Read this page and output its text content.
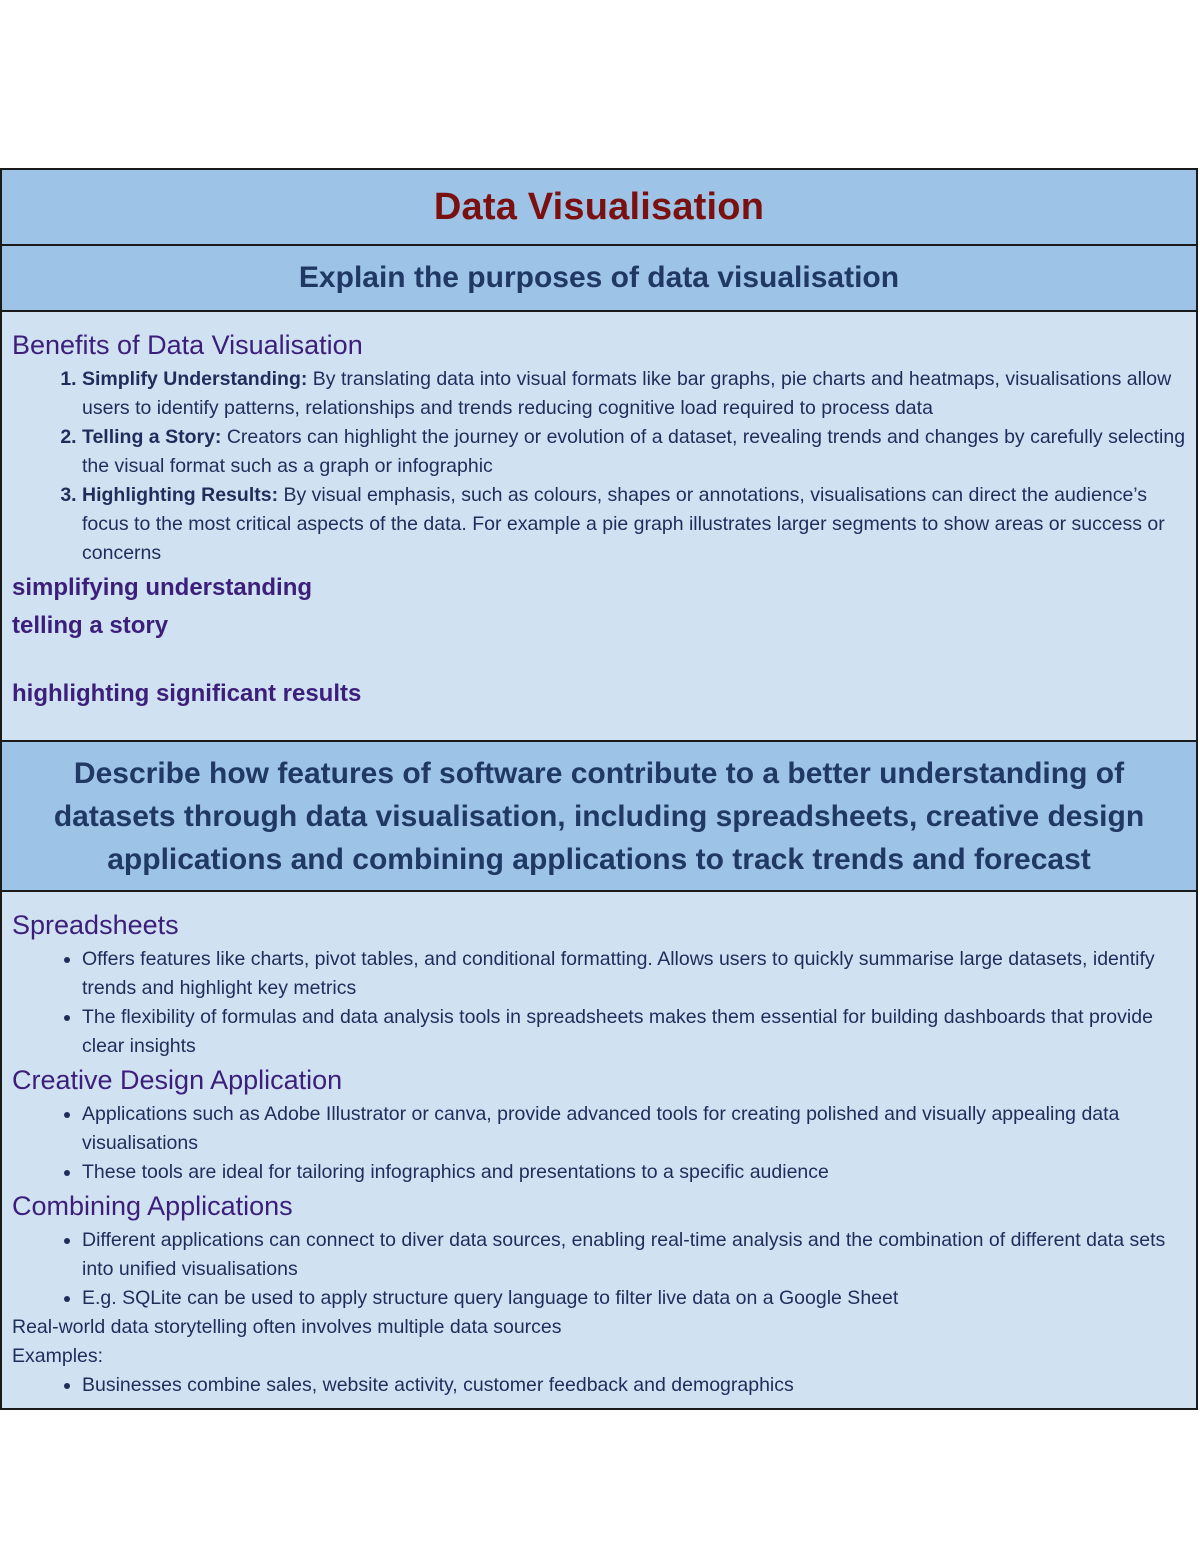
Data Visualisation
Explain the purposes of data visualisation
Benefits of Data Visualisation
1. Simplify Understanding: By translating data into visual formats like bar graphs, pie charts and heatmaps, visualisations allow users to identify patterns, relationships and trends reducing cognitive load required to process data
2. Telling a Story: Creators can highlight the journey or evolution of a dataset, revealing trends and changes by carefully selecting the visual format such as a graph or infographic
3. Highlighting Results: By visual emphasis, such as colours, shapes or annotations, visualisations can direct the audience’s focus to the most critical aspects of the data. For example a pie graph illustrates larger segments to show areas or success or concerns
simplifying understanding
telling a story
highlighting significant results
Describe how features of software contribute to a better understanding of datasets through data visualisation, including spreadsheets, creative design applications and combining applications to track trends and forecast
Spreadsheets
• Offers features like charts, pivot tables, and conditional formatting. Allows users to quickly summarise large datasets, identify trends and highlight key metrics
• The flexibility of formulas and data analysis tools in spreadsheets makes them essential for building dashboards that provide clear insights
Creative Design Application
• Applications such as Adobe Illustrator or canva, provide advanced tools for creating polished and visually appealing data visualisations
• These tools are ideal for tailoring infographics and presentations to a specific audience
Combining Applications
• Different applications can connect to diver data sources, enabling real-time analysis and the combination of different data sets into unified visualisations
• E.g. SQLite can be used to apply structure query language to filter live data on a Google Sheet

Real-world data storytelling often involves multiple data sources

Examples:

• Businesses combine sales, website activity, customer feedback and demographics
